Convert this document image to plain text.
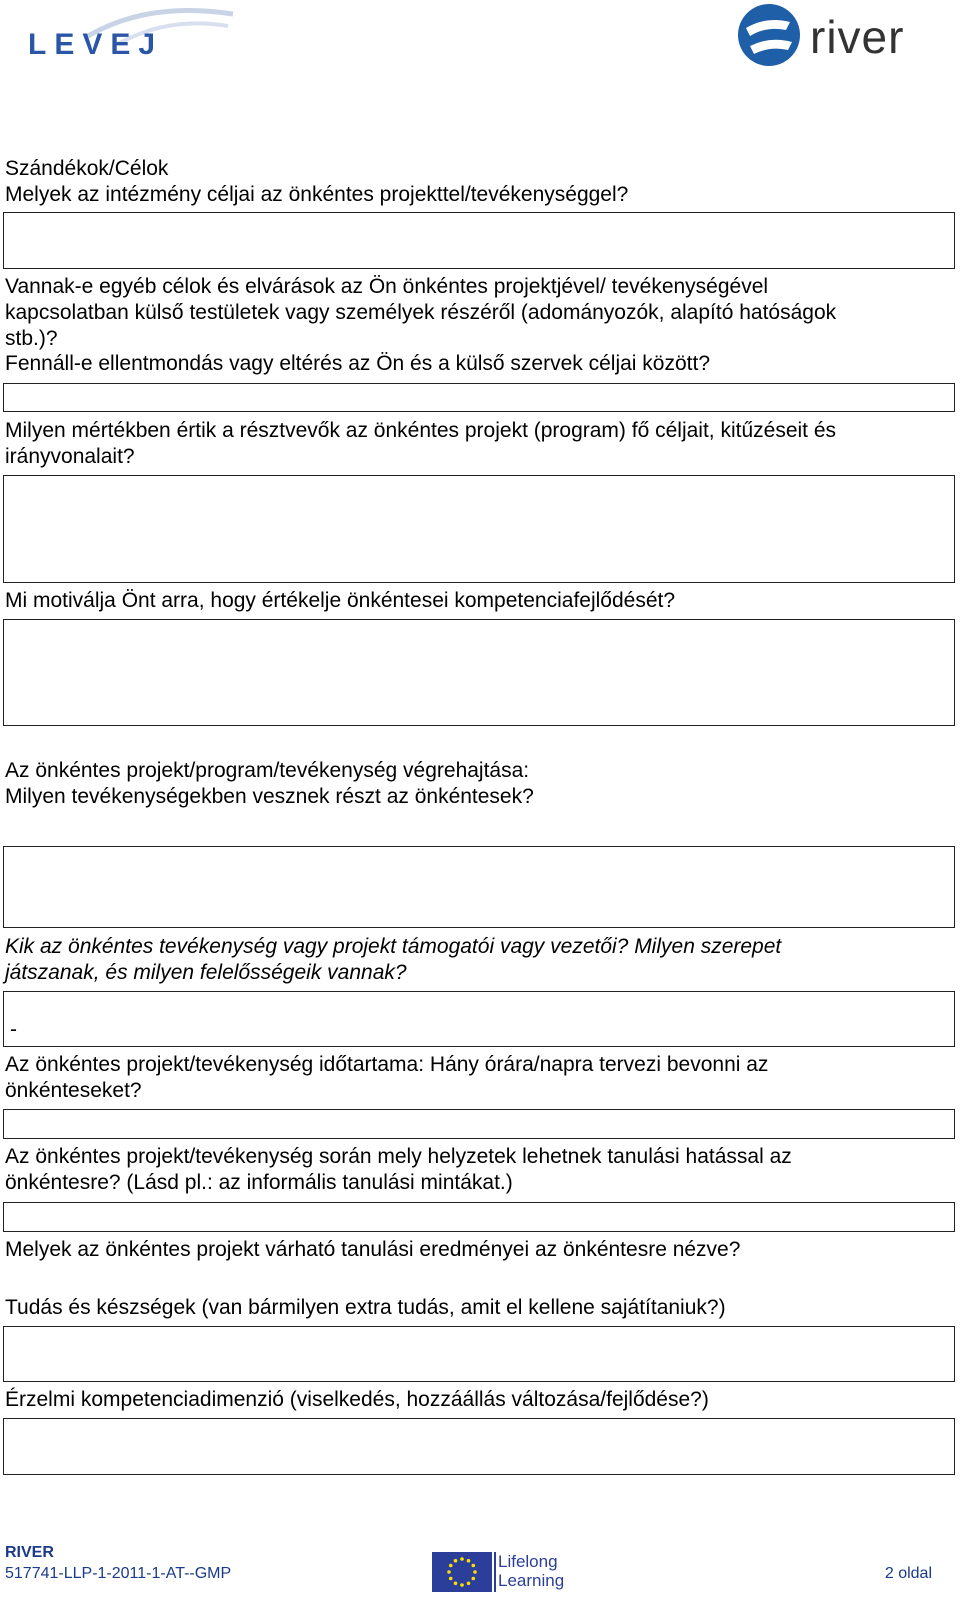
LEVEJ	river
Szándékok/Célok
Melyek az intézmény céljai az önkéntes projekttel/tevékenységgel?
Vannak-e egyéb célok és elvárások az Ön önkéntes projektjével/ tevékenységével
kapcsolatban külső testületek vagy személyek részéről (adományozók, alapító hatóságok
stb.)?
Fennáll-e ellentmondás vagy eltérés az Ön és a külső szervek céljai között?
Milyen mértékben értik a résztvevők az önkéntes projekt (program) fő céljait, kitűzéseit és
irányvonalait?
Mi motiválja Önt arra, hogy értékelje önkéntesei kompetenciafejlődését?
Az önkéntes projekt/program/tevékenység végrehajtása:
Milyen tevékenységekben vesznek részt az önkéntesek?
Kik az önkéntes tevékenység vagy projekt támogatói vagy vezetői? Milyen szerepet
játszanak, és milyen felelősségeik vannak?
-
Az önkéntes projekt/tevékenység időtartama: Hány órára/napra tervezi bevonni az
önkénteseket?
Az önkéntes projekt/tevékenység során mely helyzetek lehetnek tanulási hatással az
önkéntesre? (Lásd pl.: az informális tanulási mintákat.)
Melyek az önkéntes projekt várható tanulási eredményei az önkéntesre nézve?
Tudás és készségek (van bármilyen extra tudás, amit el kellene sajátítaniuk?)
Érzelmi kompetenciadimenzió (viselkedés, hozzáállás változása/fejlődése?)
RIVER
517741-LLP-1-2011-1-AT--GMP
Lifelong
Learning	2 oldal
